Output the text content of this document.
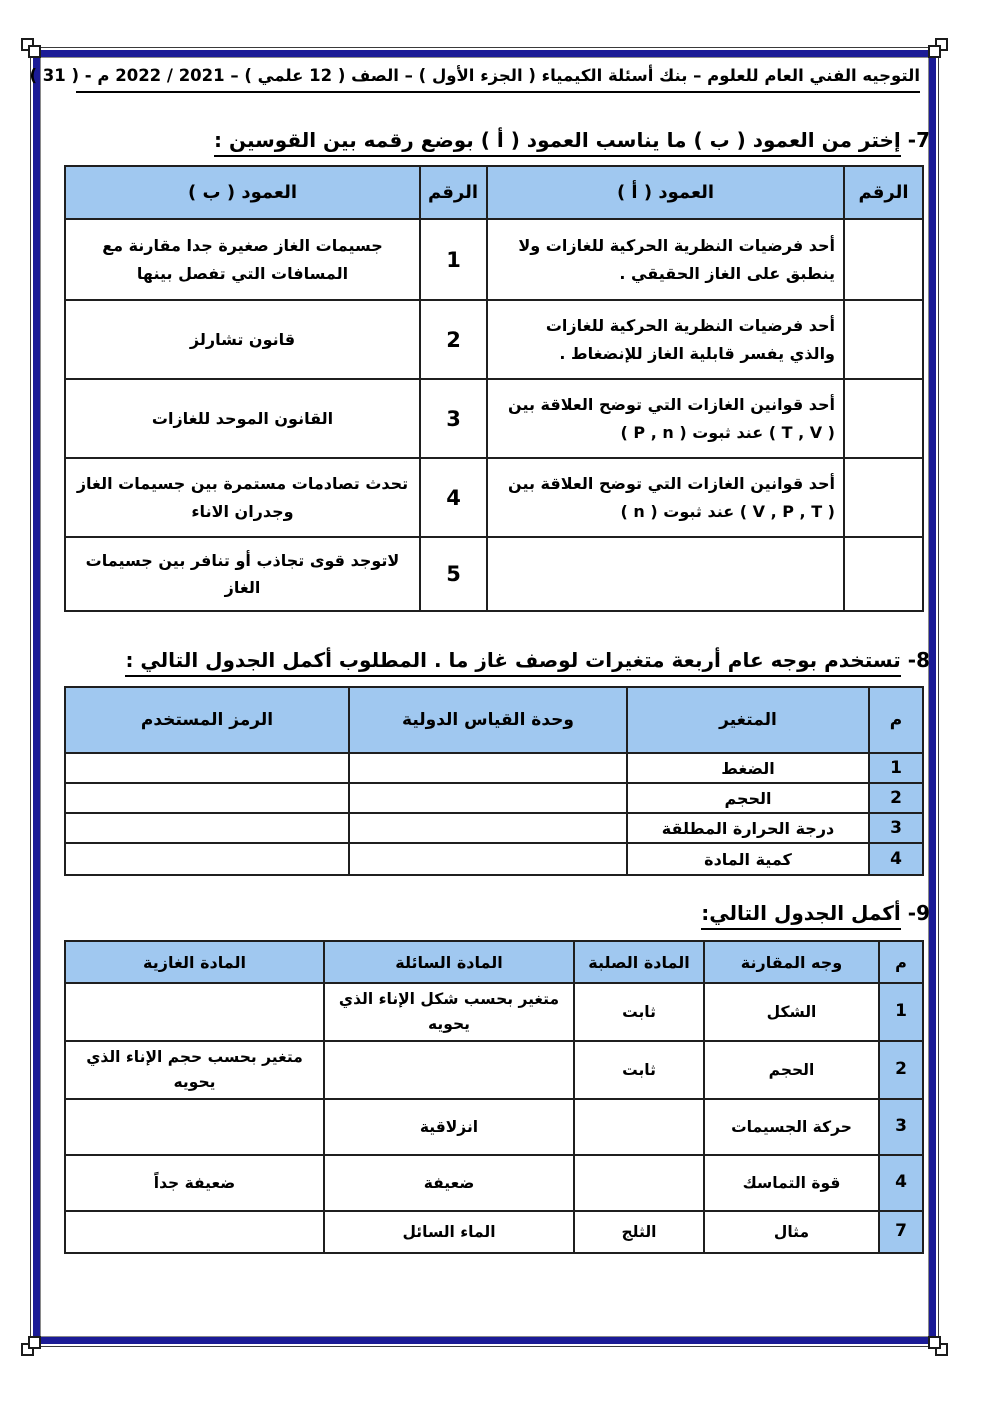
التوجيه الفني العام للعلوم – بنك أسئلة الكيمياء ( الجزء الأول ) – الصف ( 12 علمي ) – 2021 / 2022 م - ( 31 )
7- إختر من العمود ( ب ) ما يناسب العمود ( أ ) بوضع رقمه بين القوسين :
الرقم	العمود ( أ )	الرقم	العمود ( ب )
	أحد فرضيات النظرية الحركية للغازات ولا ينطبق على الغاز الحقيقي .	1	جسيمات الغاز صغيرة جدا مقارنة مع المسافات التي تفصل بينها
	أحد فرضيات النظرية الحركية للغازات والذي يفسر قابلية الغاز للإنضغاط .	2	قانون تشارلز
	أحد قوانين الغازات التي توضح العلاقة بين ( T , V ) عند ثبوت ( P , n )	3	القانون الموحد للغازات
	أحد قوانين الغازات التي توضح العلاقة بين ( V , P , T ) عند ثبوت ( n )	4	تحدث تصادمات مستمرة بين جسيمات الغاز وجدران الاناء
		5	لاتوجد قوى تجاذب أو تنافر بين جسيمات الغاز
8- تستخدم بوجه عام أربعة متغيرات لوصف غاز ما . المطلوب أكمل الجدول التالي :
م	المتغير	وحدة القياس الدولية	الرمز المستخدم
1	الضغط		
2	الحجم		
3	درجة الحرارة المطلقة		
4	كمية المادة		
9- أكمل الجدول التالي:
م	وجه المقارنة	المادة الصلبة	المادة السائلة	المادة الغازية
1	الشكل	ثابت	متغير بحسب شكل الإناء الذي يحويه	
2	الحجم	ثابت		متغير بحسب حجم الإناء الذي يحويه
3	حركة الجسيمات		انزلاقية	
4	قوة التماسك		ضعيفة	ضعيفة جداً
7	مثال	الثلج	الماء السائل	
